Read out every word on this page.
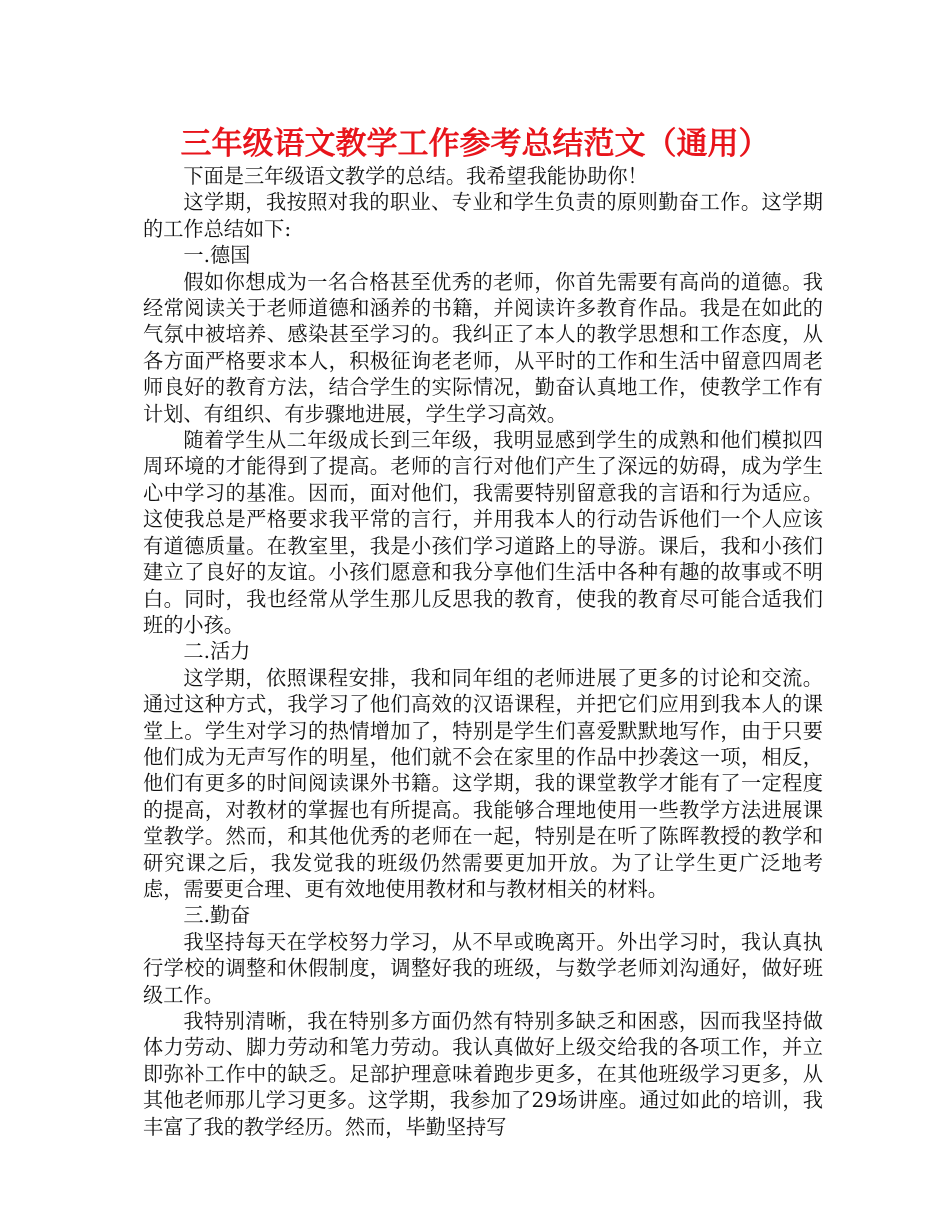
三年级语文教学工作参考总结范文（通用）

下面是三年级语文教学的总结。我希望我能协助你！

这学期，我按照对我的职业、专业和学生负责的原则勤奋工作。这学期的工作总结如下:

一.德国

假如你想成为一名合格甚至优秀的老师，你首先需要有高尚的道德。我经常阅读关于老师道德和涵养的书籍，并阅读许多教育作品。我是在如此的气氛中被培养、感染甚至学习的。我纠正了本人的教学思想和工作态度，从各方面严格要求本人，积极征询老老师，从平时的工作和生活中留意四周老师良好的教育方法，结合学生的实际情况，勤奋认真地工作，使教学工作有计划、有组织、有步骤地进展，学生学习高效。

随着学生从二年级成长到三年级，我明显感到学生的成熟和他们模拟四周环境的才能得到了提高。老师的言行对他们产生了深远的妨碍，成为学生心中学习的基准。因而，面对他们，我需要特别留意我的言语和行为适应。这使我总是严格要求我平常的言行，并用我本人的行动告诉他们一个人应该有道德质量。在教室里，我是小孩们学习道路上的导游。课后，我和小孩们建立了良好的友谊。小孩们愿意和我分享他们生活中各种有趣的故事或不明白。同时，我也经常从学生那儿反思我的教育，使我的教育尽可能合适我们班的小孩。

二.活力

这学期，依照课程安排，我和同年组的老师进展了更多的讨论和交流。通过这种方式，我学习了他们高效的汉语课程，并把它们应用到我本人的课堂上。学生对学习的热情增加了，特别是学生们喜爱默默地写作，由于只要他们成为无声写作的明星，他们就不会在家里的作品中抄袭这一项，相反，他们有更多的时间阅读课外书籍。这学期，我的课堂教学才能有了一定程度的提高，对教材的掌握也有所提高。我能够合理地使用一些教学方法进展课堂教学。然而，和其他优秀的老师在一起，特别是在听了陈晖教授的教学和研究课之后，我发觉我的班级仍然需要更加开放。为了让学生更广泛地考虑，需要更合理、更有效地使用教材和与教材相关的材料。

三.勤奋

我坚持每天在学校努力学习，从不早或晚离开。外出学习时，我认真执行学校的调整和休假制度，调整好我的班级，与数学老师刘沟通好，做好班级工作。

我特别清晰，我在特别多方面仍然有特别多缺乏和困惑，因而我坚持做体力劳动、脚力劳动和笔力劳动。我认真做好上级交给我的各项工作，并立即弥补工作中的缺乏。足部护理意味着跑步更多，在其他班级学习更多，从其他老师那儿学习更多。这学期，我参加了29场讲座。通过如此的培训，我丰富了我的教学经历。然而，毕勤坚持写
